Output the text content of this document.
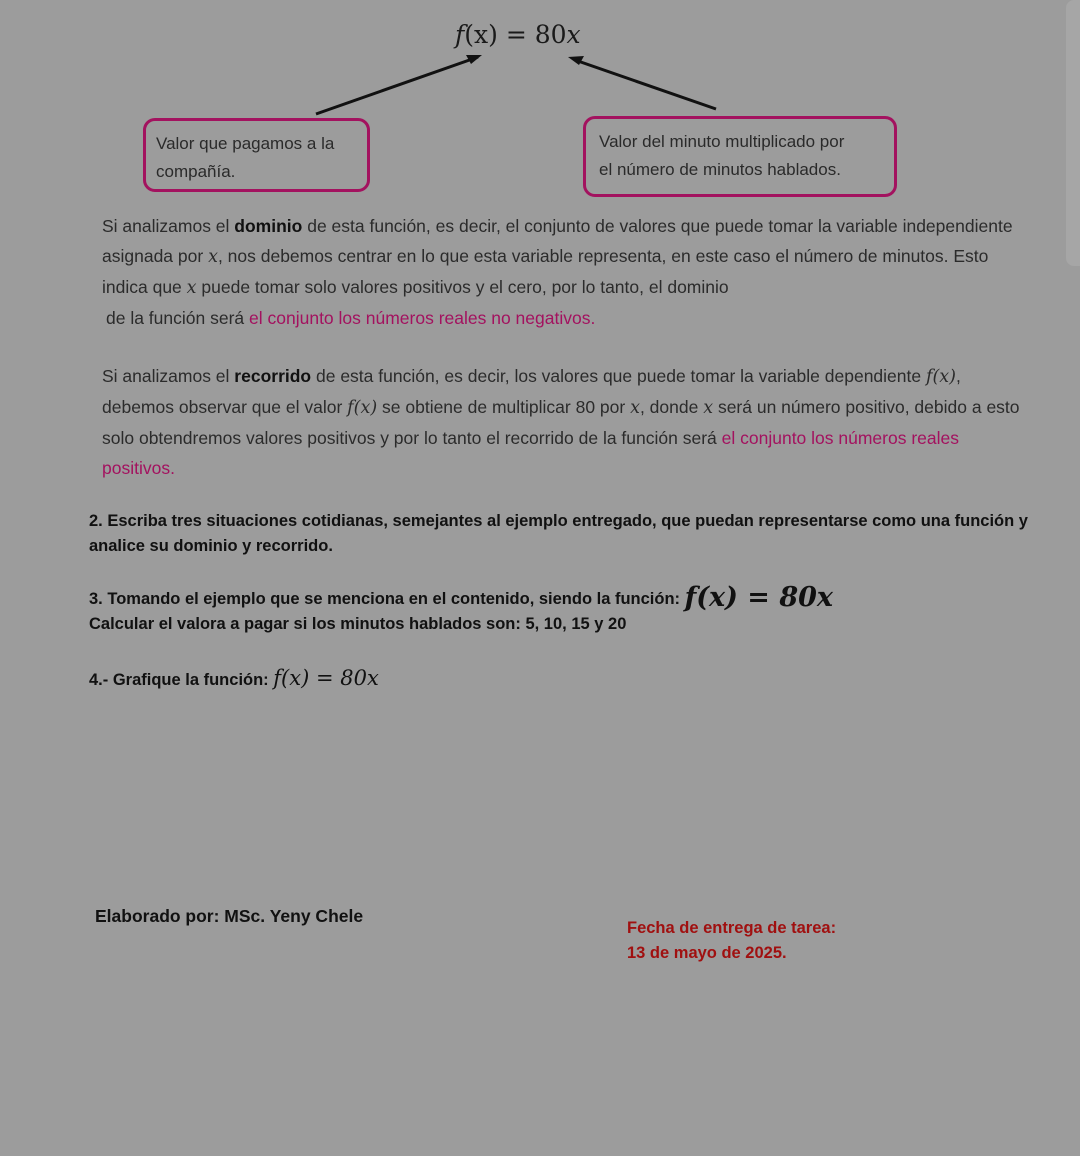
f(x) = 80x
Valor que pagamos a la
compañía.
Valor del minuto multiplicado por
el número de minutos hablados.
Si analizamos el dominio de esta función, es decir, el conjunto de valores que puede tomar la variable independiente asignada por x, nos debemos centrar en lo que esta variable representa, en este caso el número de minutos. Esto indica que x puede tomar solo valores positivos y el cero, por lo tanto, el dominio
de la función será el conjunto los números reales no negativos.
Si analizamos el recorrido de esta función, es decir, los valores que puede tomar la variable dependiente f(x), debemos observar que el valor f(x) se obtiene de multiplicar 80 por x, donde x será un número positivo, debido a esto solo obtendremos valores positivos y por lo tanto el recorrido de la función será el conjunto los números reales positivos.
2. Escriba tres situaciones cotidianas, semejantes al ejemplo entregado, que puedan representarse como una función y analice su dominio y recorrido.
3. Tomando el ejemplo que se menciona en el contenido, siendo la función: f(x) = 80x
Calcular el valora a pagar si los minutos hablados son: 5, 10, 15 y 20
4.- Grafique la función: f(x) = 80x
Elaborado por: MSc. Yeny Chele
Fecha de entrega de tarea:
13 de mayo de 2025.
